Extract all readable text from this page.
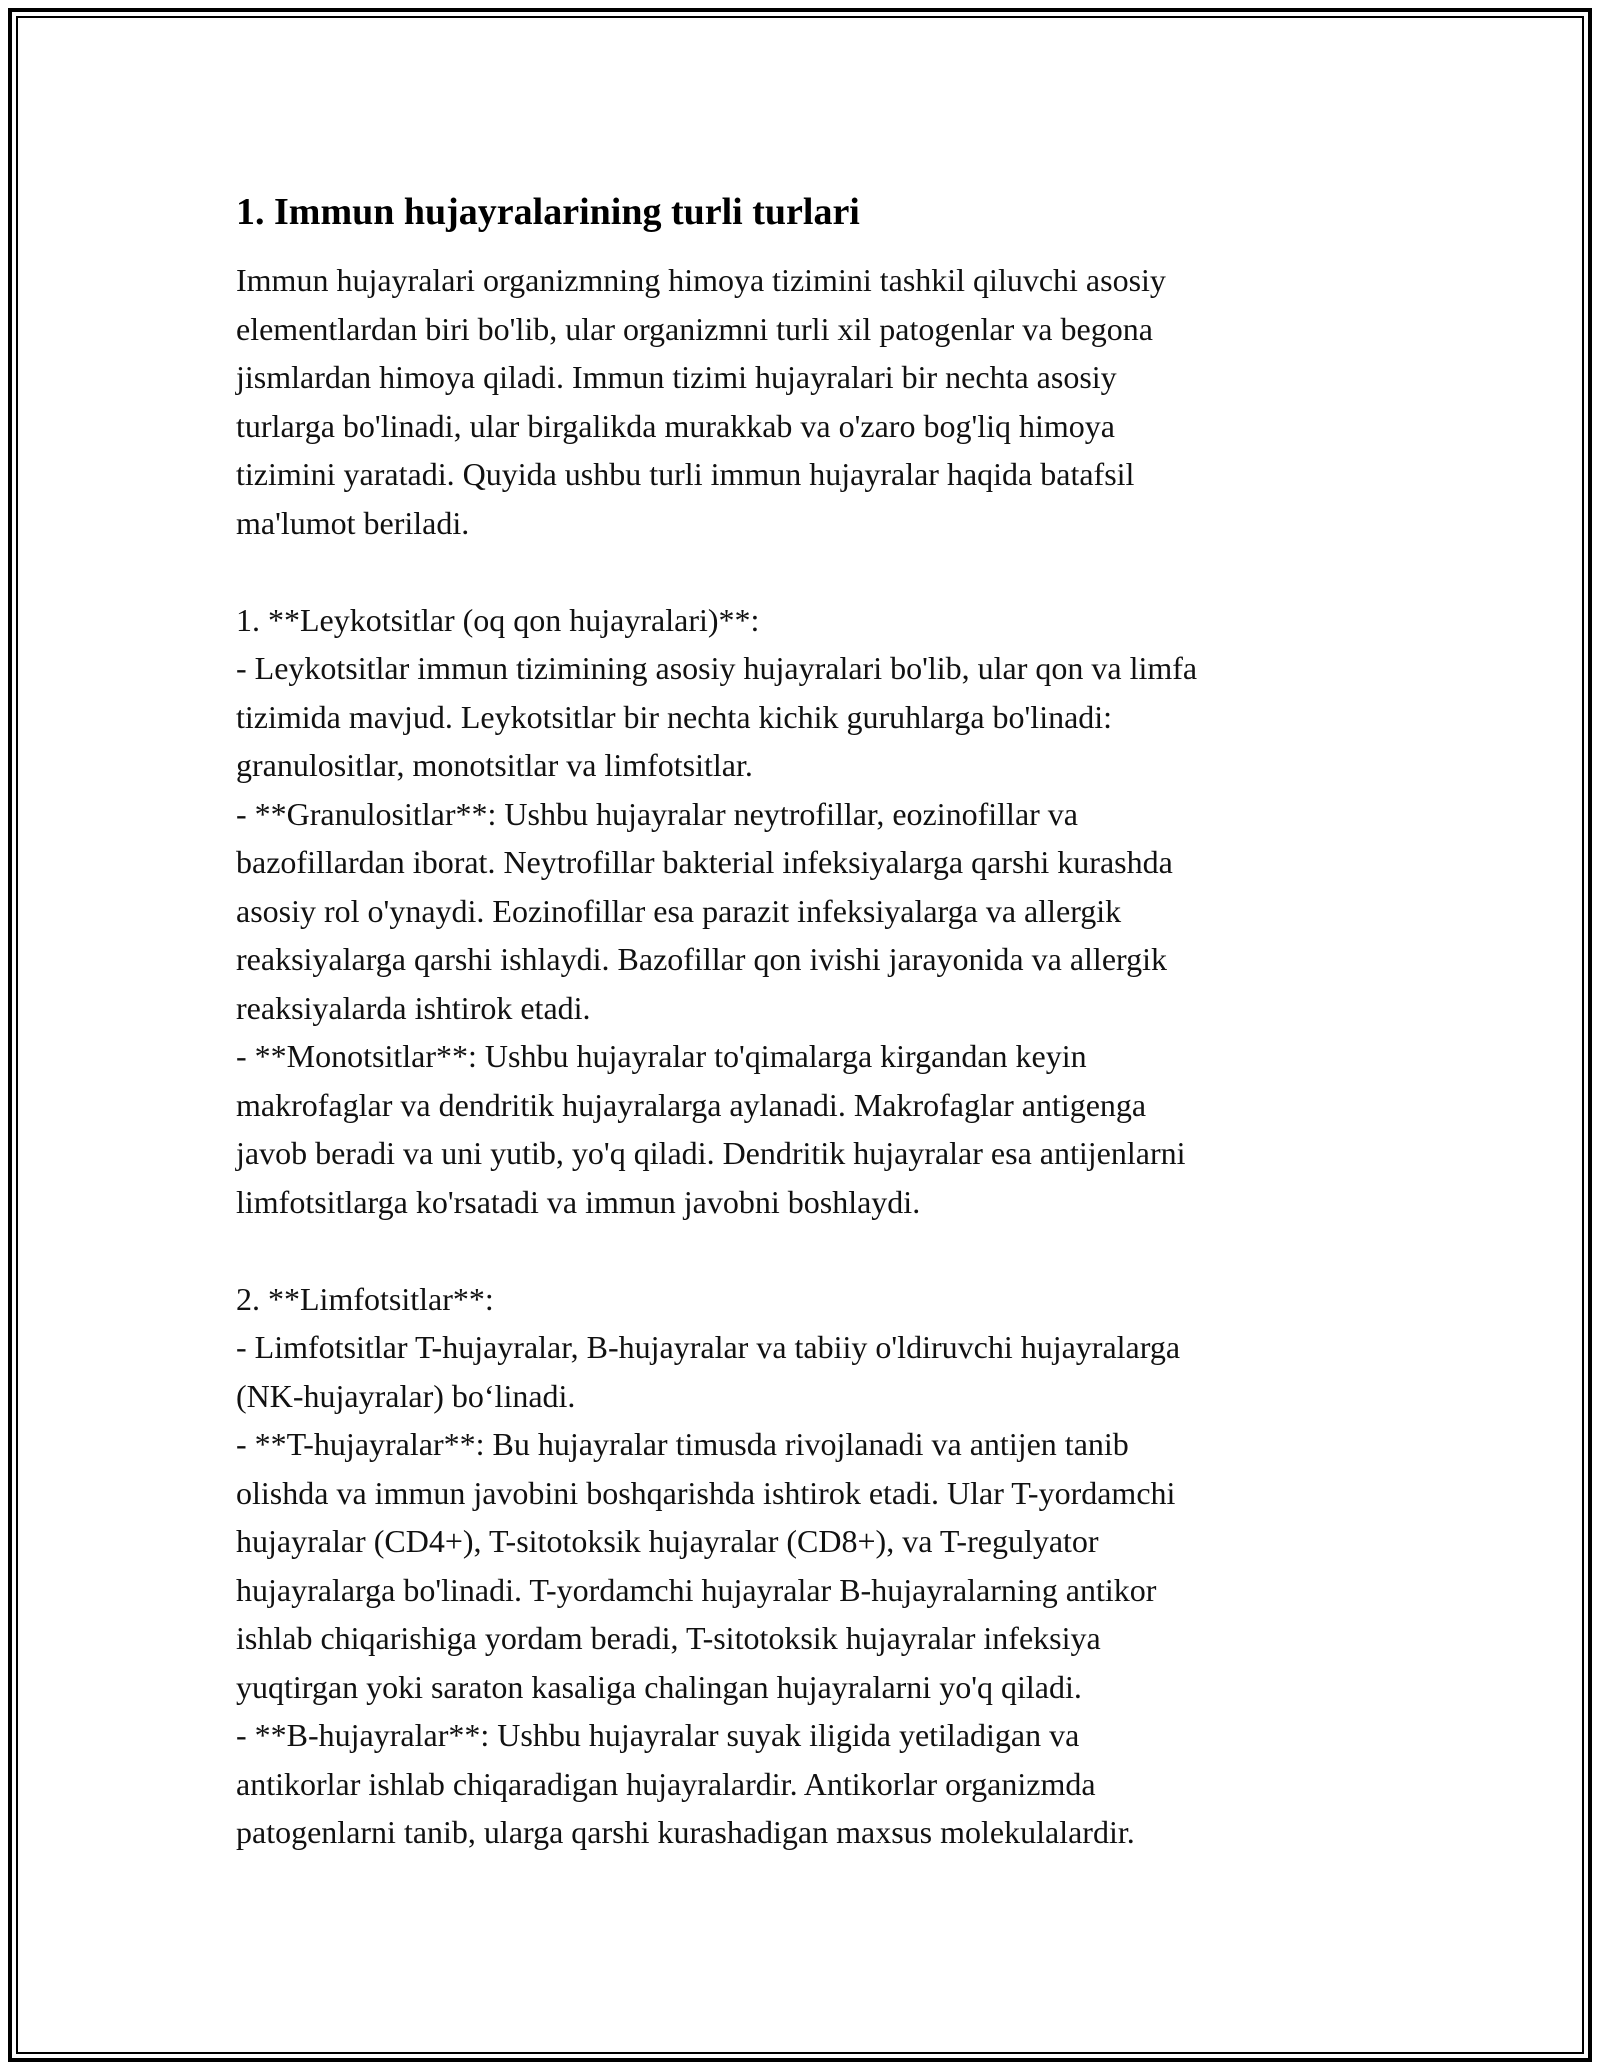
1. Immun hujayralarining turli turlari

Immun hujayralari organizmning himoya tizimini tashkil qiluvchi asosiy
elementlardan biri bo'lib, ular organizmni turli xil patogenlar va begona
jismlardan himoya qiladi. Immun tizimi hujayralari bir nechta asosiy
turlarga bo'linadi, ular birgalikda murakkab va o'zaro bog'liq himoya
tizimini yaratadi. Quyida ushbu turli immun hujayralar haqida batafsil
ma'lumot beriladi.

1. **Leykotsitlar (oq qon hujayralari)**:
- Leykotsitlar immun tizimining asosiy hujayralari bo'lib, ular qon va limfa
tizimida mavjud. Leykotsitlar bir nechta kichik guruhlarga bo'linadi:
granulositlar, monotsitlar va limfotsitlar.
- **Granulositlar**: Ushbu hujayralar neytrofillar, eozinofillar va
bazofillardan iborat. Neytrofillar bakterial infeksiyalarga qarshi kurashda
asosiy rol o'ynaydi. Eozinofillar esa parazit infeksiyalarga va allergik
reaksiyalarga qarshi ishlaydi. Bazofillar qon ivishi jarayonida va allergik
reaksiyalarda ishtirok etadi.
- **Monotsitlar**: Ushbu hujayralar to'qimalarga kirgandan keyin
makrofaglar va dendritik hujayralarga aylanadi. Makrofaglar antigenga
javob beradi va uni yutib, yo'q qiladi. Dendritik hujayralar esa antijenlarni
limfotsitlarga ko'rsatadi va immun javobni boshlaydi.

2. **Limfotsitlar**:
- Limfotsitlar T-hujayralar, B-hujayralar va tabiiy o'ldiruvchi hujayralarga
(NK-hujayralar) bo‘linadi.
- **T-hujayralar**: Bu hujayralar timusda rivojlanadi va antijen tanib
olishda va immun javobini boshqarishda ishtirok etadi. Ular T-yordamchi
hujayralar (CD4+), T-sitotoksik hujayralar (CD8+), va T-regulyator
hujayralarga bo'linadi. T-yordamchi hujayralar B-hujayralarning antikor
ishlab chiqarishiga yordam beradi, T-sitotoksik hujayralar infeksiya
yuqtirgan yoki saraton kasaliga chalingan hujayralarni yo'q qiladi.
- **B-hujayralar**: Ushbu hujayralar suyak iligida yetiladigan va
antikorlar ishlab chiqaradigan hujayralardir. Antikorlar organizmda
patogenlarni tanib, ularga qarshi kurashadigan maxsus molekulalardir.
